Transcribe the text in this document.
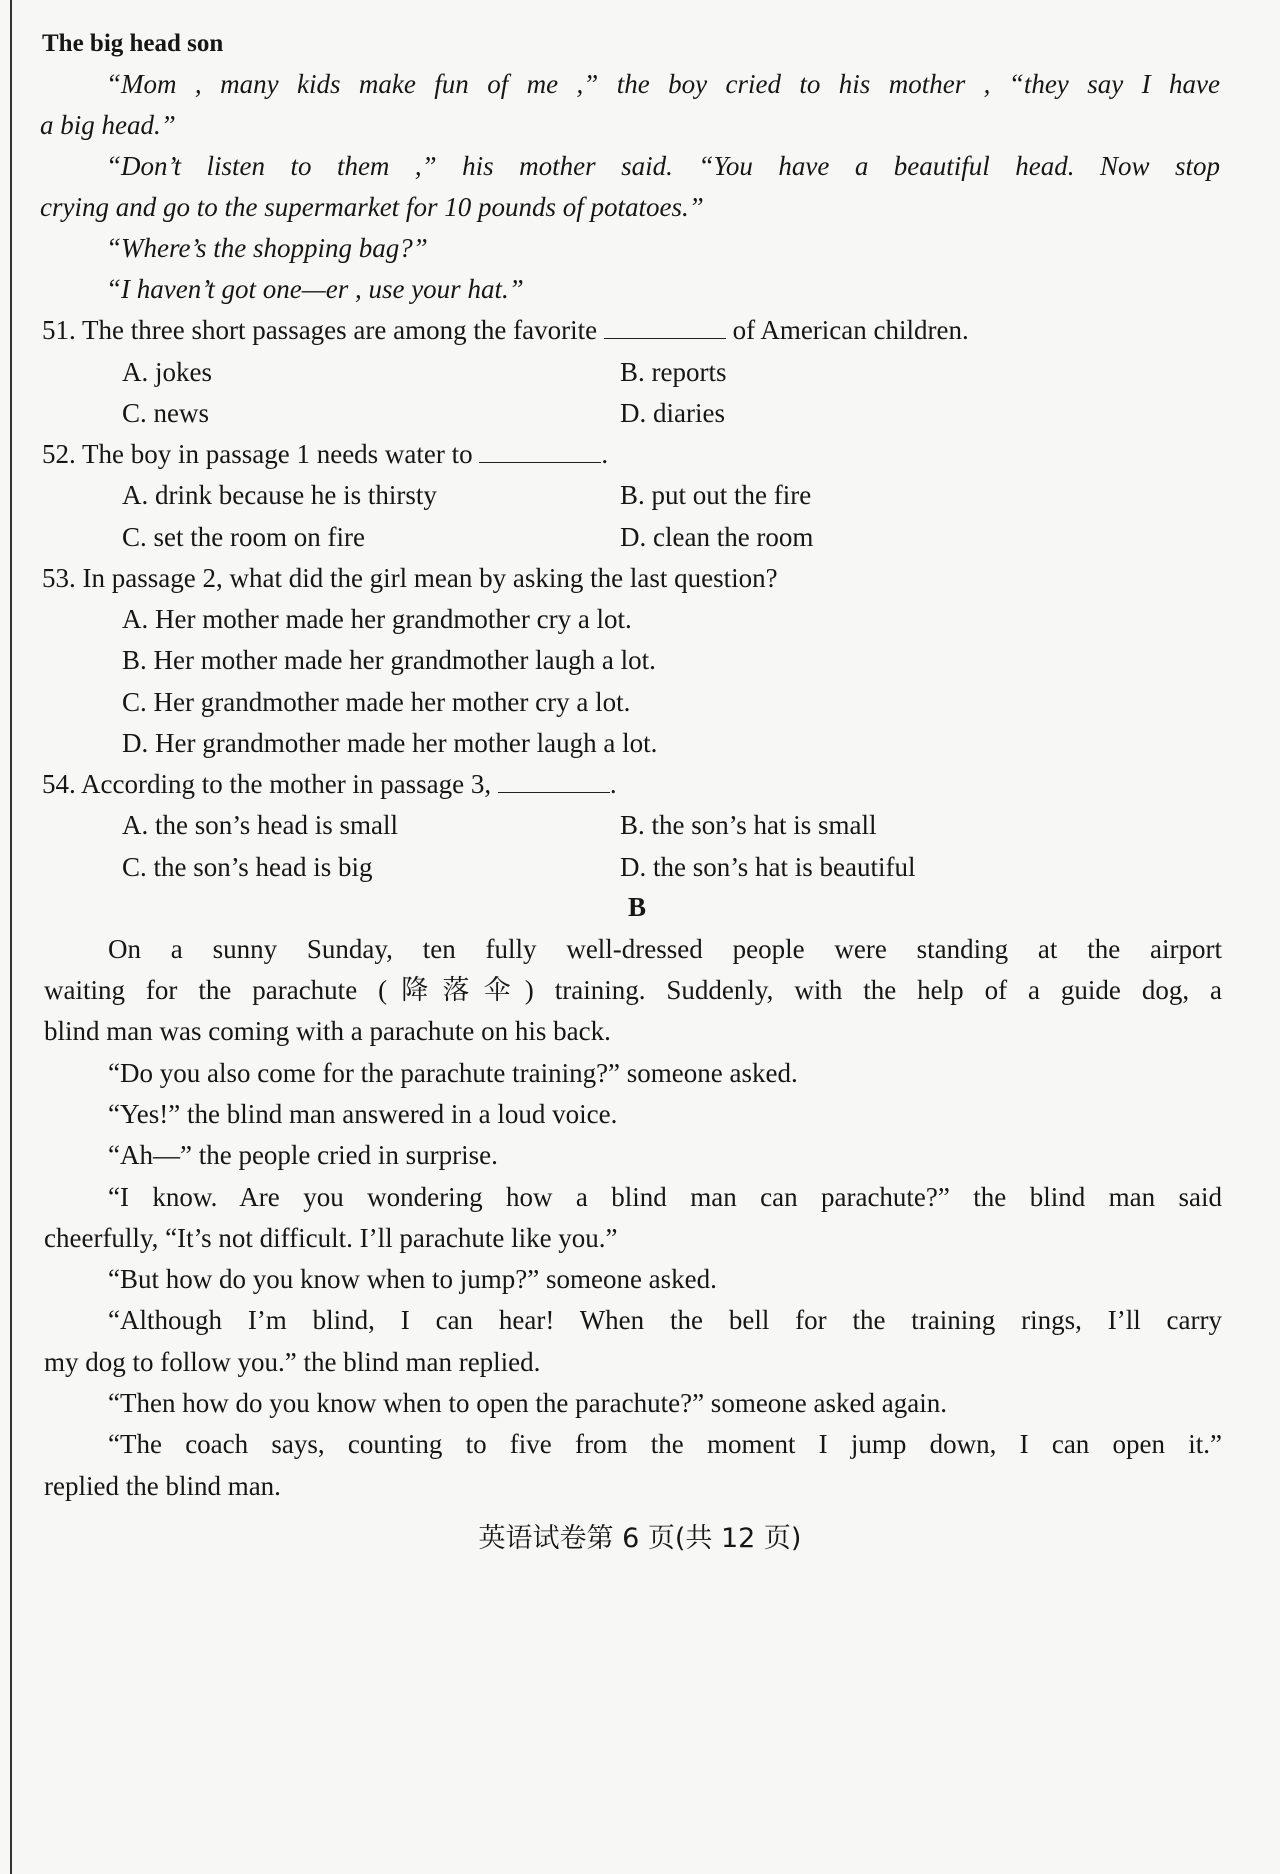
The big head son
“Mom , many kids make fun of me ,” the boy cried to his mother , “they say I have
a big head.”
“Don’t listen to them ,” his mother said. “You have a beautiful head. Now stop
crying and go to the supermarket for 10 pounds of potatoes.”
“Where’s the shopping bag?”
“I haven’t got one—er , use your hat.”
51. The three short passages are among the favorite	of American children.
A. jokes	B. reports
C. news	D. diaries
52. The boy in passage 1 needs water to	.
A. drink because he is thirsty	B. put out the fire
C. set the room on fire	D. clean the room
53. In passage 2, what did the girl mean by asking the last question?
A. Her mother made her grandmother cry a lot.
B. Her mother made her grandmother laugh a lot.
C. Her grandmother made her mother cry a lot.
D. Her grandmother made her mother laugh a lot.
54. According to the mother in passage 3,	.
A. the son’s head is small	B. the son’s hat is small
C. the son’s head is big	D. the son’s hat is beautiful
B
On a sunny Sunday, ten fully well-dressed people were standing at the airport
waiting for the parachute (降落伞) training. Suddenly, with the help of a guide dog, a
blind man was coming with a parachute on his back.
“Do you also come for the parachute training?” someone asked.
“Yes!” the blind man answered in a loud voice.
“Ah—” the people cried in surprise.
“I know. Are you wondering how a blind man can parachute?” the blind man said
cheerfully, “It’s not difficult. I’ll parachute like you.”
“But how do you know when to jump?” someone asked.
“Although I’m blind, I can hear! When the bell for the training rings, I’ll carry
my dog to follow you.” the blind man replied.
“Then how do you know when to open the parachute?” someone asked again.
“The coach says, counting to five from the moment I jump down, I can open it.”
replied the blind man.
英语试卷第 6 页(共 12 页)
